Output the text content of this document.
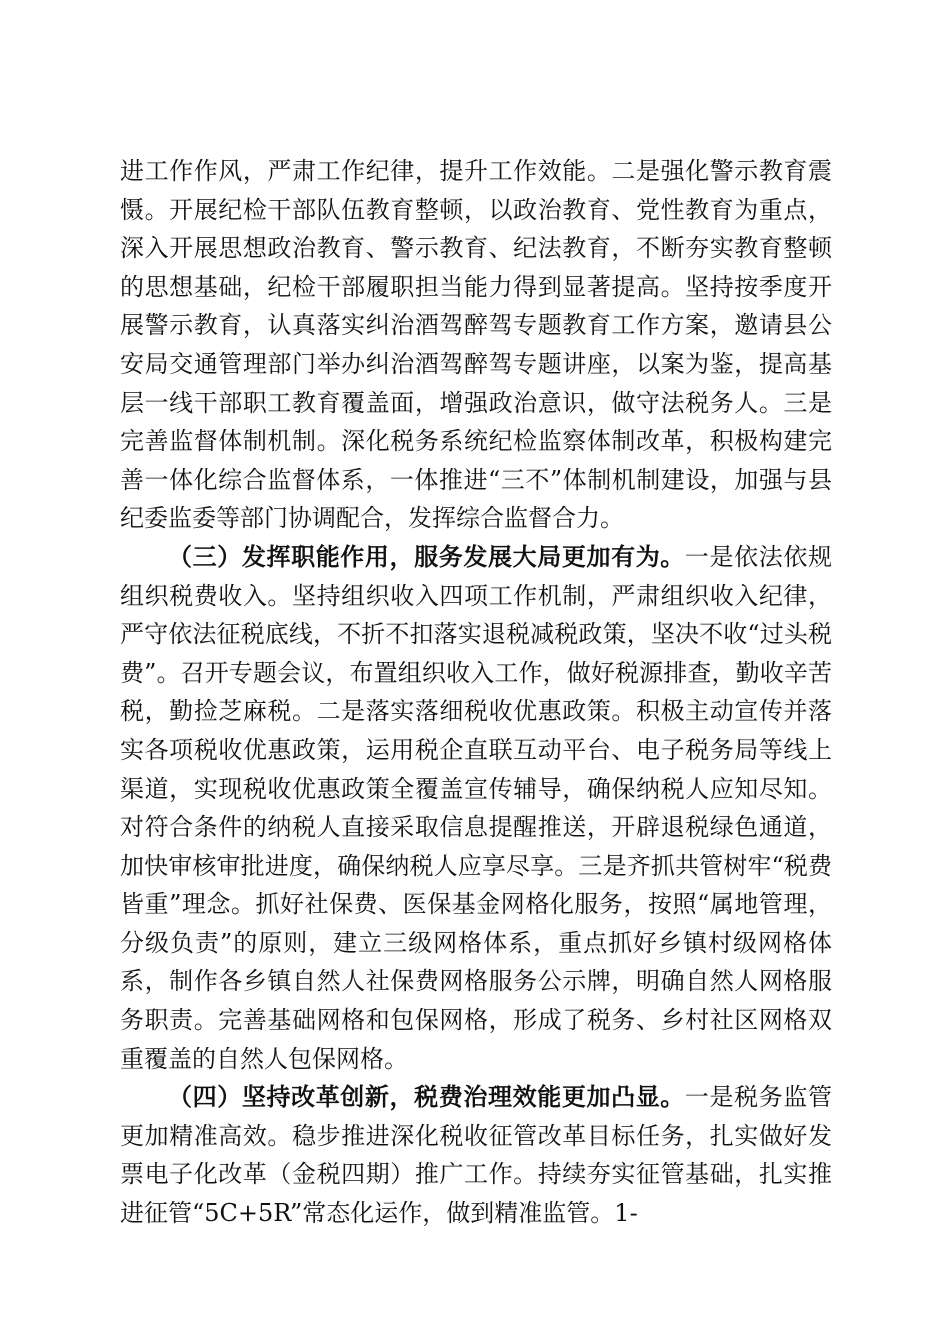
进工作作风，严肃工作纪律，提升工作效能。二是强化警示教育震慑。开展纪检干部队伍教育整顿，以政治教育、党性教育为重点，深入开展思想政治教育、警示教育、纪法教育，不断夯实教育整顿的思想基础，纪检干部履职担当能力得到显著提高。坚持按季度开展警示教育，认真落实纠治酒驾醉驾专题教育工作方案，邀请县公安局交通管理部门举办纠治酒驾醉驾专题讲座，以案为鉴，提高基层一线干部职工教育覆盖面，增强政治意识，做守法税务人。三是完善监督体制机制。深化税务系统纪检监察体制改革，积极构建完善一体化综合监督体系，一体推进“三不”体制机制建设，加强与县纪委监委等部门协调配合，发挥综合监督合力。

（三）发挥职能作用，服务发展大局更加有为。一是依法依规组织税费收入。坚持组织收入四项工作机制，严肃组织收入纪律，严守依法征税底线，不折不扣落实退税减税政策，坚决不收“过头税费”。召开专题会议，布置组织收入工作，做好税源排查，勤收辛苦税，勤捡芝麻税。二是落实落细税收优惠政策。积极主动宣传并落实各项税收优惠政策，运用税企直联互动平台、电子税务局等线上渠道，实现税收优惠政策全覆盖宣传辅导，确保纳税人应知尽知。对符合条件的纳税人直接采取信息提醒推送，开辟退税绿色通道，加快审核审批进度，确保纳税人应享尽享。三是齐抓共管树牢“税费皆重”理念。抓好社保费、医保基金网格化服务，按照“属地管理，分级负责”的原则，建立三级网格体系，重点抓好乡镇村级网格体系，制作各乡镇自然人社保费网格服务公示牌，明确自然人网格服务职责。完善基础网格和包保网格，形成了税务、乡村社区网格双重覆盖的自然人包保网格。

（四）坚持改革创新，税费治理效能更加凸显。一是税务监管更加精准高效。稳步推进深化税收征管改革目标任务，扎实做好发票电子化改革（金税四期）推广工作。持续夯实征管基础，扎实推进征管“5C+5R”常态化运作，做到精准监管。1-
